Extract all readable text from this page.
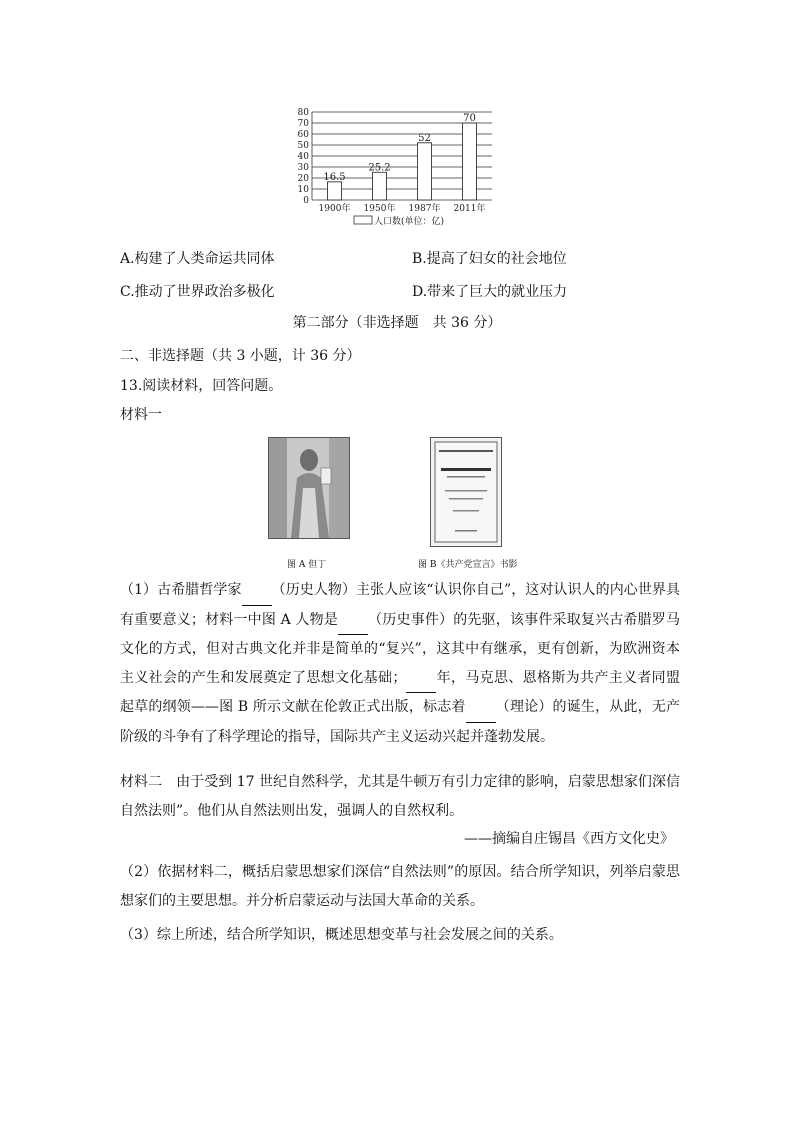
0
10
20
30
40
50
60
70
80
16.5
1900年
25.2
1950年
52
1987年
70
2011年
人口数(单位：亿)
A.构建了人类命运共同体	B.提高了妇女的社会地位
C.推动了世界政治多极化	D.带来了巨大的就业压力
第二部分（非选择题　共 36 分）
二、非选择题（共 3 小题，计 36 分）
13.阅读材料，回答问题。
材料一
图 A 但丁	图 B《共产党宣言》书影
（1）古希腊哲学家 （历史人物）主张人应该“认识你自己”，这对认识人的内心世界具有重要意义；材料一中图 A 人物是 （历史事件）的先驱，该事件采取复兴古希腊罗马文化的方式，但对古典文化并非是简单的“复兴”，这其中有继承，更有创新，为欧洲资本主义社会的产生和发展奠定了思想文化基础； 年，马克思、恩格斯为共产主义者同盟起草的纲领——图 B 所示文献在伦敦正式出版，标志着 （理论）的诞生，从此，无产阶级的斗争有了科学理论的指导，国际共产主义运动兴起并蓬勃发展。
材料二　由于受到 17 世纪自然科学，尤其是牛顿万有引力定律的影响，启蒙思想家们深信自然法则”。他们从自然法则出发，强调人的自然权利。
——摘编自庄锡昌《西方文化史》
（2）依据材料二，概括启蒙思想家们深信“自然法则”的原因。结合所学知识，列举启蒙思想家们的主要思想。并分析启蒙运动与法国大革命的关系。
（3）综上所述，结合所学知识，概述思想变革与社会发展之间的关系。
